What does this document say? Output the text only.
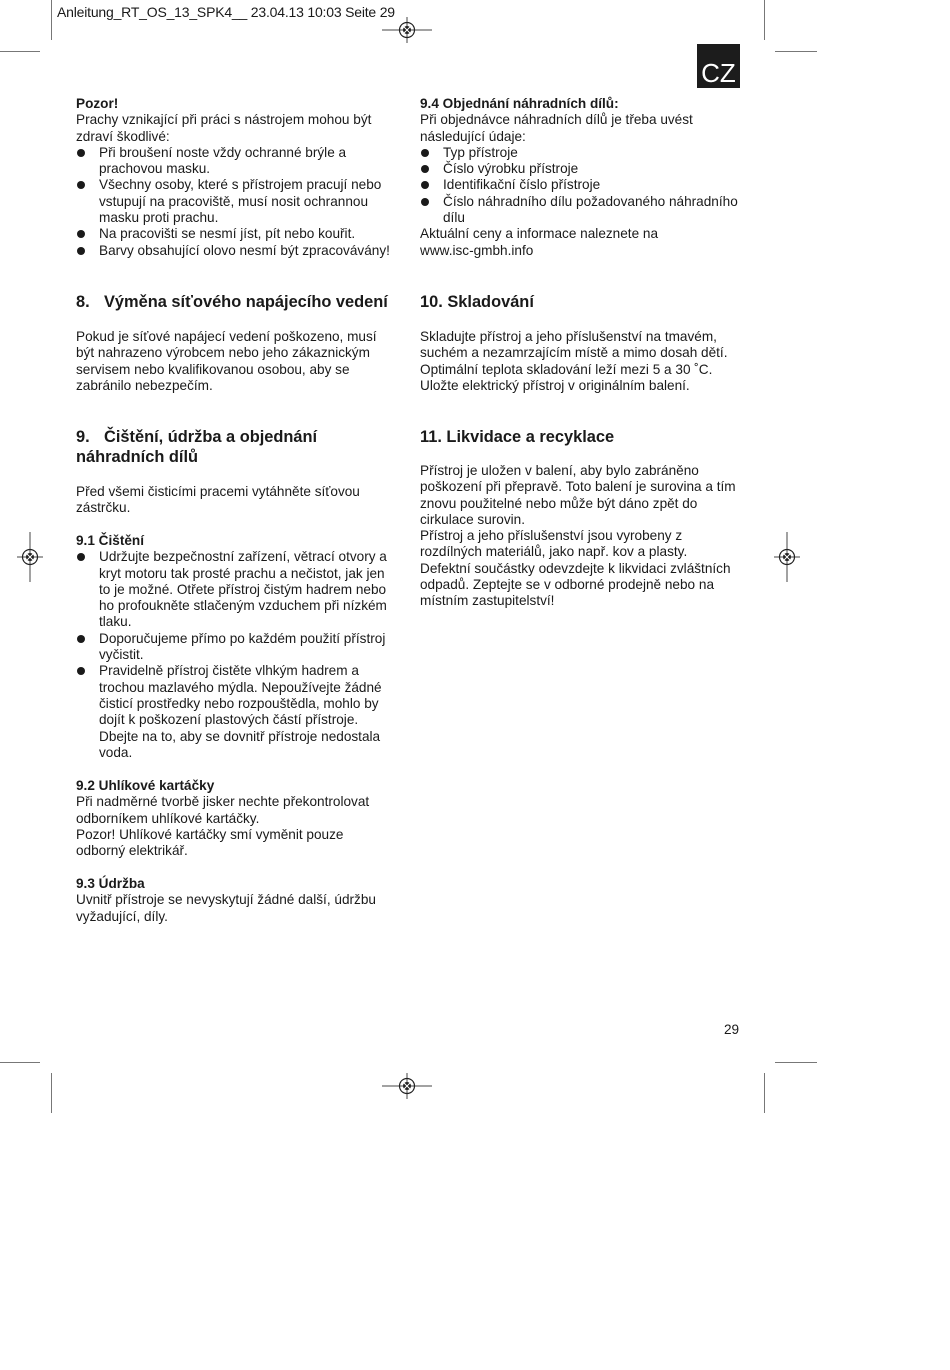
Anleitung_RT_OS_13_SPK4__ 23.04.13 10:03 Seite 29
CZ

Pozor!

Prachy vznikající při práci s nástrojem mohou být zdraví škodlivé:

Při broušení noste vždy ochranné brýle a prachovou masku.
Všechny osoby, které s přístrojem pracují nebo vstupují na pracoviště, musí nosit ochrannou masku proti prachu.
Na pracovišti se nesmí jíst, pít nebo kouřit.
Barvy obsahující olovo nesmí být zpracovávány!

8. Výměna síťového napájecího vedení

Pokud je síťové napájecí vedení poškozeno, musí být nahrazeno výrobcem nebo jeho zákaznickým servisem nebo kvalifikovanou osobou, aby se zabránilo nebezpečím.

9. Čištění, údržba a objednání

náhradních dílů

Před všemi čisticími pracemi vytáhněte síťovou zástrčku.

9.1 Čištění

Udržujte bezpečnostní zařízení, větrací otvory a kryt motoru tak prosté prachu a nečistot, jak jen to je možné. Otřete přístroj čistým hadrem nebo ho profoukněte stlačeným vzduchem při nízkém tlaku.
Doporučujeme přímo po každém použití přístroj vyčistit.
Pravidelně přístroj čistěte vlhkým hadrem a trochou mazlavého mýdla. Nepoužívejte žádné čisticí prostředky nebo rozpouštědla, mohlo by dojít k poškození plastových částí přístroje. Dbejte na to, aby se dovnitř přístroje nedostala voda.

9.2 Uhlíkové kartáčky

Při nadměrné tvorbě jisker nechte překontrolovat odborníkem uhlíkové kartáčky.

Pozor! Uhlíkové kartáčky smí vyměnit pouze odborný elektrikář.

9.3 Údržba

Uvnitř přístroje se nevyskytují žádné další, údržbu vyžadující, díly.

9.4 Objednání náhradních dílů:

Při objednávce náhradních dílů je třeba uvést následující údaje:

Typ přístroje
Číslo výrobku přístroje
Identifikační číslo přístroje
Číslo náhradního dílu požadovaného náhradního dílu

Aktuální ceny a informace naleznete na

www.isc-gmbh.info

10. Skladování

Skladujte přístroj a jeho příslušenství na tmavém, suchém a nezamrzajícím místě a mimo dosah dětí. Optimální teplota skladování leží mezi 5 a 30 ˚C. Uložte elektrický přístroj v originálním balení.

11. Likvidace a recyklace

Přístroj je uložen v balení, aby bylo zabráněno poškození při přepravě. Toto balení je surovina a tím znovu použitelné nebo může být dáno zpět do cirkulace surovin.

Přístroj a jeho příslušenství jsou vyrobeny z rozdílných materiálů, jako např. kov a plasty. Defektní součástky odevzdejte k likvidaci zvláštních odpadů. Zeptejte se v odborné prodejně nebo na místním zastupitelství!

29
